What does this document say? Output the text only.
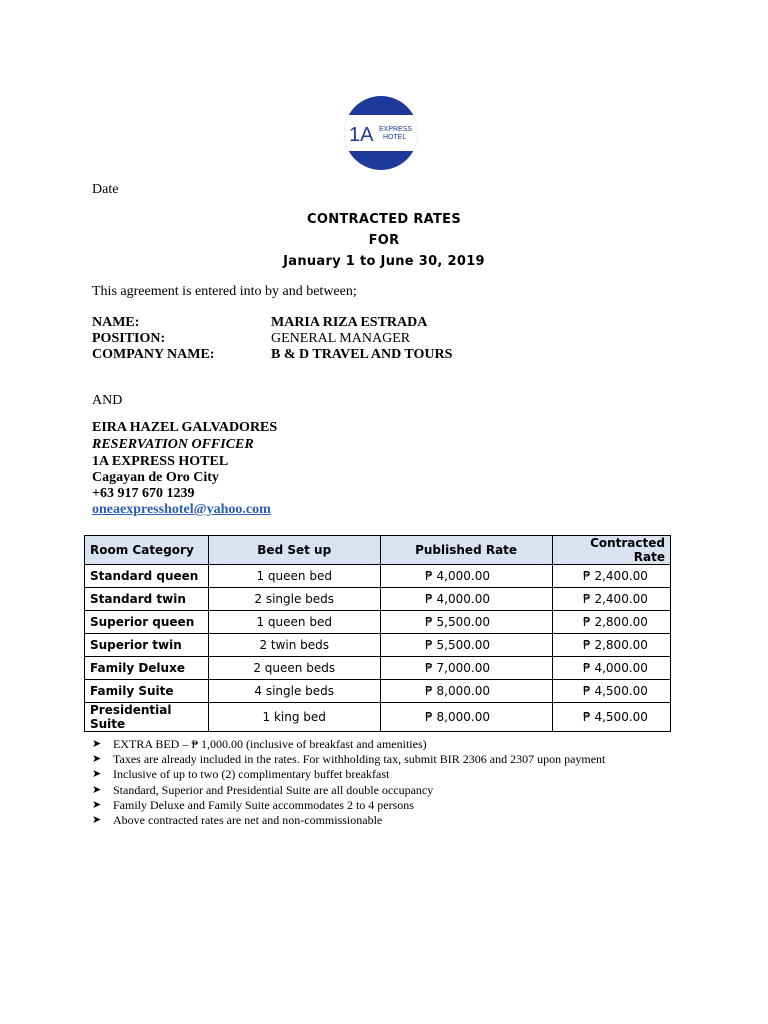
1A EXPRESS
HOTEL
Date
CONTRACTED RATES
FOR
January 1 to June 30, 2019
This agreement is entered into by and between;
NAME:	MARIA RIZA ESTRADA
POSITION:	GENERAL MANAGER
COMPANY NAME:	B & D TRAVEL AND TOURS
AND
EIRA HAZEL GALVADORES
RESERVATION OFFICER
1A EXPRESS HOTEL
Cagayan de Oro City
+63 917 670 1239
oneaexpresshotel@yahoo.com
Room Category	Bed Set up	Published Rate	Contracted Rate
Standard queen	1 queen bed	₱ 4,000.00	₱ 2,400.00
Standard twin	2 single beds	₱ 4,000.00	₱ 2,400.00
Superior queen	1 queen bed	₱ 5,500.00	₱ 2,800.00
Superior twin	2 twin beds	₱ 5,500.00	₱ 2,800.00
Family Deluxe	2 queen beds	₱ 7,000.00	₱ 4,000.00
Family Suite	4 single beds	₱ 8,000.00	₱ 4,500.00
Presidential Suite	1 king bed	₱ 8,000.00	₱ 4,500.00
➤ EXTRA BED – ₱ 1,000.00 (inclusive of breakfast and amenities)
➤ Taxes are already included in the rates. For withholding tax, submit BIR 2306 and 2307 upon payment
➤ Inclusive of up to two (2) complimentary buffet breakfast
➤ Standard, Superior and Presidential Suite are all double occupancy
➤ Family Deluxe and Family Suite accommodates 2 to 4 persons
➤ Above contracted rates are net and non-commissionable
